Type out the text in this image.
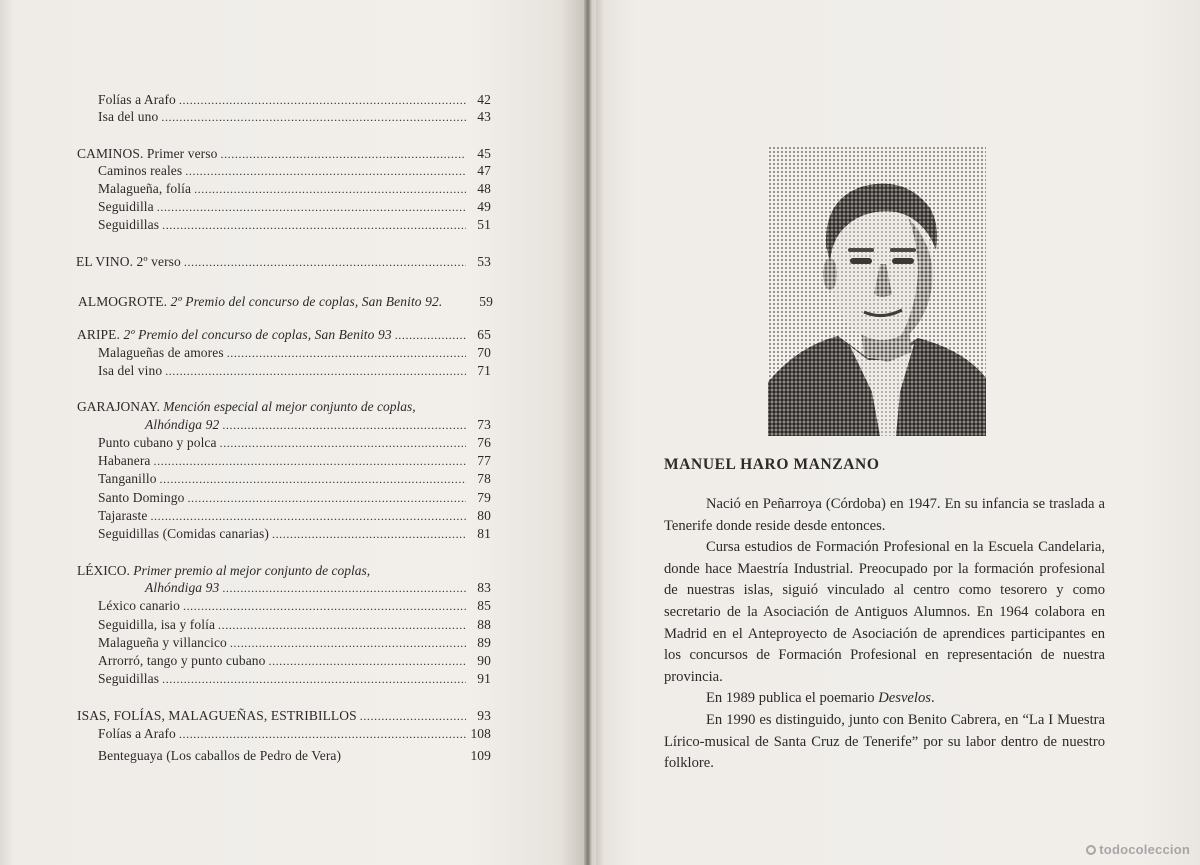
Folías a Arafo .....	42
Isa del uno .....	43
CAMINOS. Primer verso .....	45
Caminos reales .....	47
Malagueña, folía .....	48
Seguidilla .....	49
Seguidillas .....	51
EL VINO. 2º verso .....	53
ALMOGROTE. 2º Premio del concurso de coplas, San Benito 92.	59
ARIPE. 2º Premio del concurso de coplas, San Benito 93 .....	65
Malagueñas de amores .....	70
Isa del vino .....	71
GARAJONAY. Mención especial al mejor conjunto de coplas,
Alhóndiga 92 .....	73
Punto cubano y polca .....	76
Habanera .....	77
Tanganillo .....	78
Santo Domingo .....	79
Tajaraste .....	80
Seguidillas (Comidas canarias) .....	81
LÉXICO. Primer premio al mejor conjunto de coplas,
Alhóndiga 93 .....	83
Léxico canario .....	85
Seguidilla, isa y folía .....	88
Malagueña y villancico .....	89
Arrorró, tango y punto cubano .....	90
Seguidillas .....	91
ISAS, FOLÍAS, MALAGUEÑAS, ESTRIBILLOS .....	93
Folías a Arafo .....	108
Benteguaya (Los caballos de Pedro de Vera)	109
MANUEL HARO MANZANO

Nació en Peñarroya (Córdoba) en 1947. En su infancia se traslada a Tenerife donde reside desde entonces.

Cursa estudios de Formación Profesional en la Escuela Candelaria, donde hace Maestría Industrial. Preocupado por la formación profesional de nuestras islas, siguió vinculado al centro como tesorero y como secretario de la Asociación de Antiguos Alumnos. En 1964 colabora en Madrid en el Anteproyecto de Asociación de aprendices participantes en los concursos de Formación Profesional en representación de nuestra provincia.

En 1989 publica el poemario Desvelos.

En 1990 es distinguido, junto con Benito Cabrera, en “La I Muestra Lírico-musical de Santa Cruz de Tenerife” por su labor dentro de nuestro folklore.

todocoleccion
